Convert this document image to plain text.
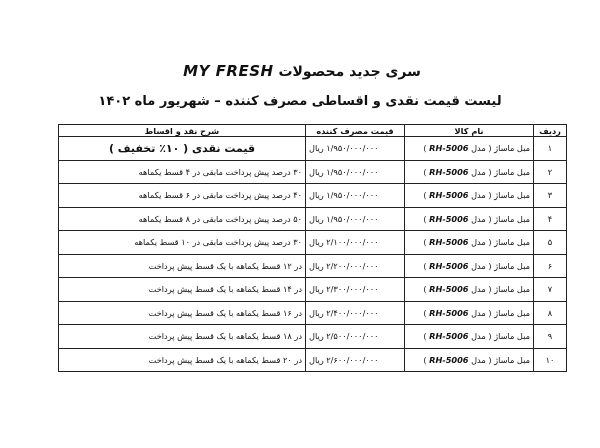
سری جدید محصولات MY FRESH
لیست قیمت نقدی و اقساطی مصرف کننده – شهریور ماه ۱۴۰۲
ردیف	نام کالا	قیمت مصرف کننده	شرح نقد و اقساط
۱	مبل ماساژ ( مدل RH-5006 )	۱/۹۵۰/۰۰۰/۰۰۰ ریال	قیمت نقدی ( ۱۰٪ تخفیف )
۲	مبل ماساژ ( مدل RH-5006 )	۱/۹۵۰/۰۰۰/۰۰۰ ریال	۳۰ درصد پیش پرداخت مابقی در ۴ قسط یکماهه
۳	مبل ماساژ ( مدل RH-5006 )	۱/۹۵۰/۰۰۰/۰۰۰ ریال	۴۰ درصد پیش پرداخت مابقی در ۶ قسط یکماهه
۴	مبل ماساژ ( مدل RH-5006 )	۱/۹۵۰/۰۰۰/۰۰۰ ریال	۵۰ درصد پیش پرداخت مابقی در ۸ قسط یکماهه
۵	مبل ماساژ ( مدل RH-5006 )	۲/۱۰۰/۰۰۰/۰۰۰ ریال	۳۰ درصد پیش پرداخت مابقی در ۱۰ قسط یکماهه
۶	مبل ماساژ ( مدل RH-5006 )	۲/۲۰۰/۰۰۰/۰۰۰ ریال	در ۱۲ قسط یکماهه با یک قسط پیش پرداخت
۷	مبل ماساژ ( مدل RH-5006 )	۲/۳۰۰/۰۰۰/۰۰۰ ریال	در ۱۴ قسط یکماهه با یک قسط پیش پرداخت
۸	مبل ماساژ ( مدل RH-5006 )	۲/۴۰۰/۰۰۰/۰۰۰ ریال	در ۱۶ قسط یکماهه با یک قسط پیش پرداخت
۹	مبل ماساژ ( مدل RH-5006 )	۲/۵۰۰/۰۰۰/۰۰۰ ریال	در ۱۸ قسط یکماهه با یک قسط پیش پرداخت
۱۰	مبل ماساژ ( مدل RH-5006 )	۲/۶۰۰/۰۰۰/۰۰۰ ریال	در ۲۰ قسط یکماهه با یک قسط پیش پرداخت
